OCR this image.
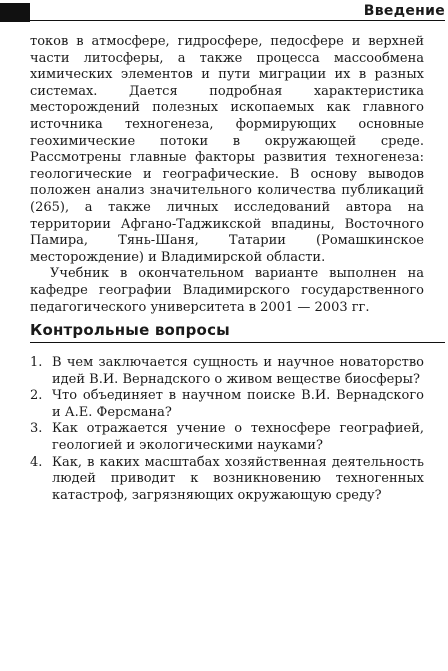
Введение

токов в атмосфере, гидросфере, педосфере и верхней части литосферы, а также процесса массообмена химических элементов и пути миграции их в разных системах. Дается подробная характеристика месторождений полезных ископаемых как главного источника техногенеза, формирующих основные геохимические потоки в окружающей среде. Рассмотрены главные факторы развития техногенеза: геологические и географические. В основу выводов положен анализ значительного количества публикаций (265), а также личных исследований автора на территории Афгано-Таджикской впадины, Восточного Памира, Тянь-Шаня, Татарии (Ромашкинское месторождение) и Владимирской области.

Учебник в окончательном варианте выполнен на кафедре географии Владимирского государственного педагогического университета в 2001 — 2003 гг.

Контрольные вопросы
1. В чем заключается сущность и научное новаторство идей В.И. Вернадского о живом веществе биосферы?
2. Что объединяет в научном поиске В.И. Вернадского и А.Е. Ферсмана?
3. Как отражается учение о техносфере географией, геологией и экологическими науками?
4. Как, в каких масштабах хозяйственная деятельность людей приводит к возникновению техногенных катастроф, загрязняющих окружающую среду?
